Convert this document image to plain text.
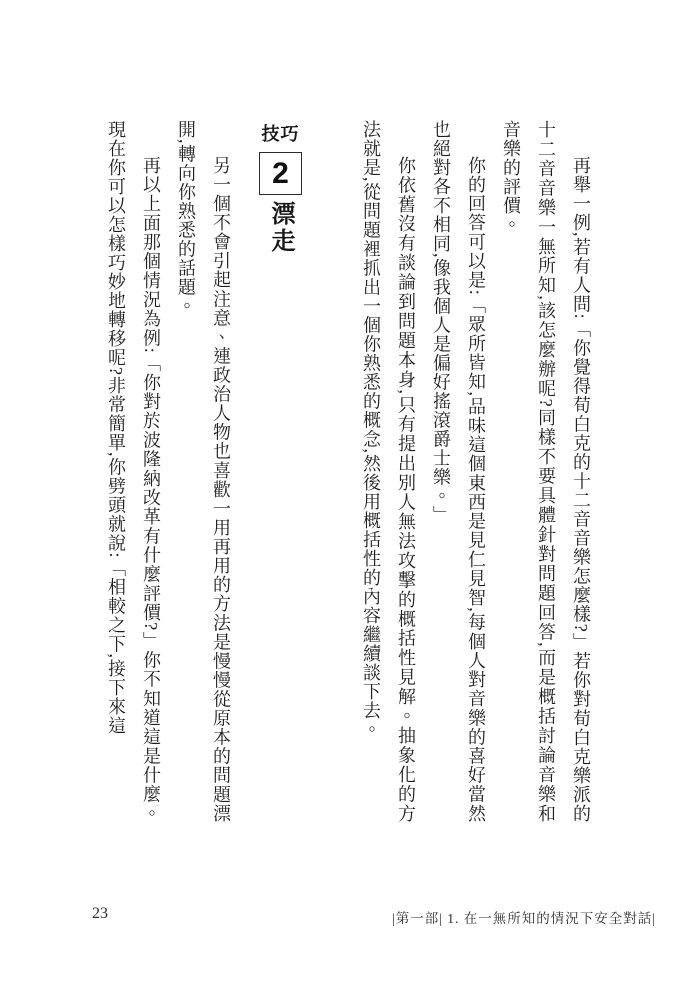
再舉一例,若有人問:「你覺得荀白克的十二音音樂怎麼樣?」若你對荀白克樂派的十二音音樂一無所知,該怎麼辦呢?同樣不要具體針對問題回答,而是概括討論音樂和音樂的評價。

你的回答可以是:「眾所皆知,品味這個東西是見仁見智,每個人對音樂的喜好當然也絕對各不相同,像我個人是偏好搖滾爵士樂。」

你依舊沒有談論到問題本身,只有提出別人無法攻擊的概括性見解。抽象化的方法就是,從問題裡抓出一個你熟悉的概念,然後用概括性的內容繼續談下去。

另一個不會引起注意、連政治人物也喜歡一用再用的方法是慢慢從原本的問題漂開,轉向你熟悉的話題。

再以上面那個情況為例:「你對於波隆納改革有什麼評價?」你不知道這是什麼。現在你可以怎樣巧妙地轉移呢?非常簡單,你劈頭就說:「相較之下,接下來這	技巧
2
漂走
23	|第一部| 1. 在一無所知的情況下安全對話|
